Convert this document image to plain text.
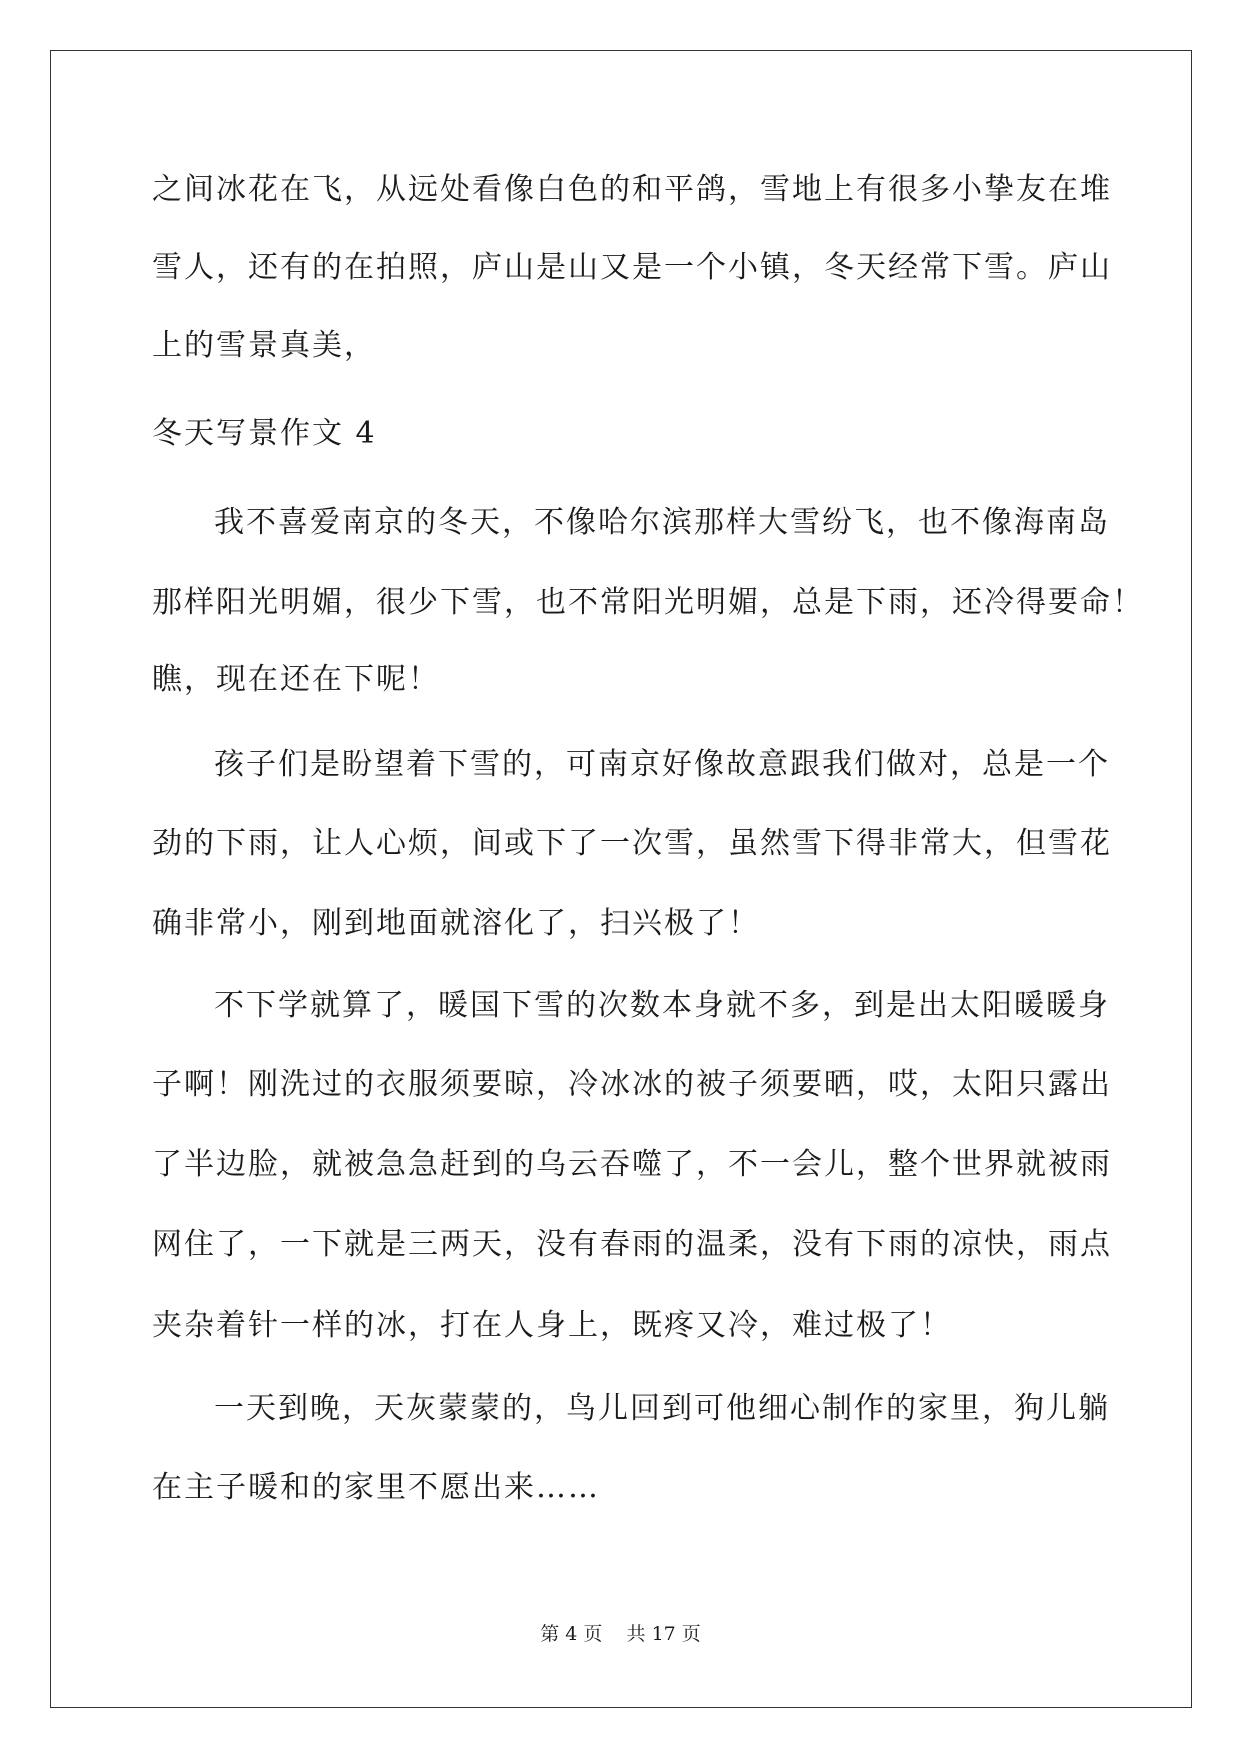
之间冰花在飞，从远处看像白色的和平鸽，雪地上有很多小挚友在堆
雪人，还有的在拍照，庐山是山又是一个小镇，冬天经常下雪。庐山
上的雪景真美，
冬天写景作文 4
我不喜爱南京的冬天，不像哈尔滨那样大雪纷飞，也不像海南岛
那样阳光明媚，很少下雪，也不常阳光明媚，总是下雨，还冷得要命！
瞧，现在还在下呢！
孩子们是盼望着下雪的，可南京好像故意跟我们做对，总是一个
劲的下雨，让人心烦，间或下了一次雪，虽然雪下得非常大，但雪花
确非常小，刚到地面就溶化了，扫兴极了！
不下学就算了，暖国下雪的次数本身就不多，到是出太阳暖暖身
子啊！刚洗过的衣服须要晾，冷冰冰的被子须要晒，哎，太阳只露出
了半边脸，就被急急赶到的乌云吞噬了，不一会儿，整个世界就被雨
网住了，一下就是三两天，没有春雨的温柔，没有下雨的凉快，雨点
夹杂着针一样的冰，打在人身上，既疼又冷，难过极了！
一天到晚，天灰蒙蒙的，鸟儿回到可他细心制作的家里，狗儿躺
在主子暖和的家里不愿出来……
第 4 页    共 17 页
